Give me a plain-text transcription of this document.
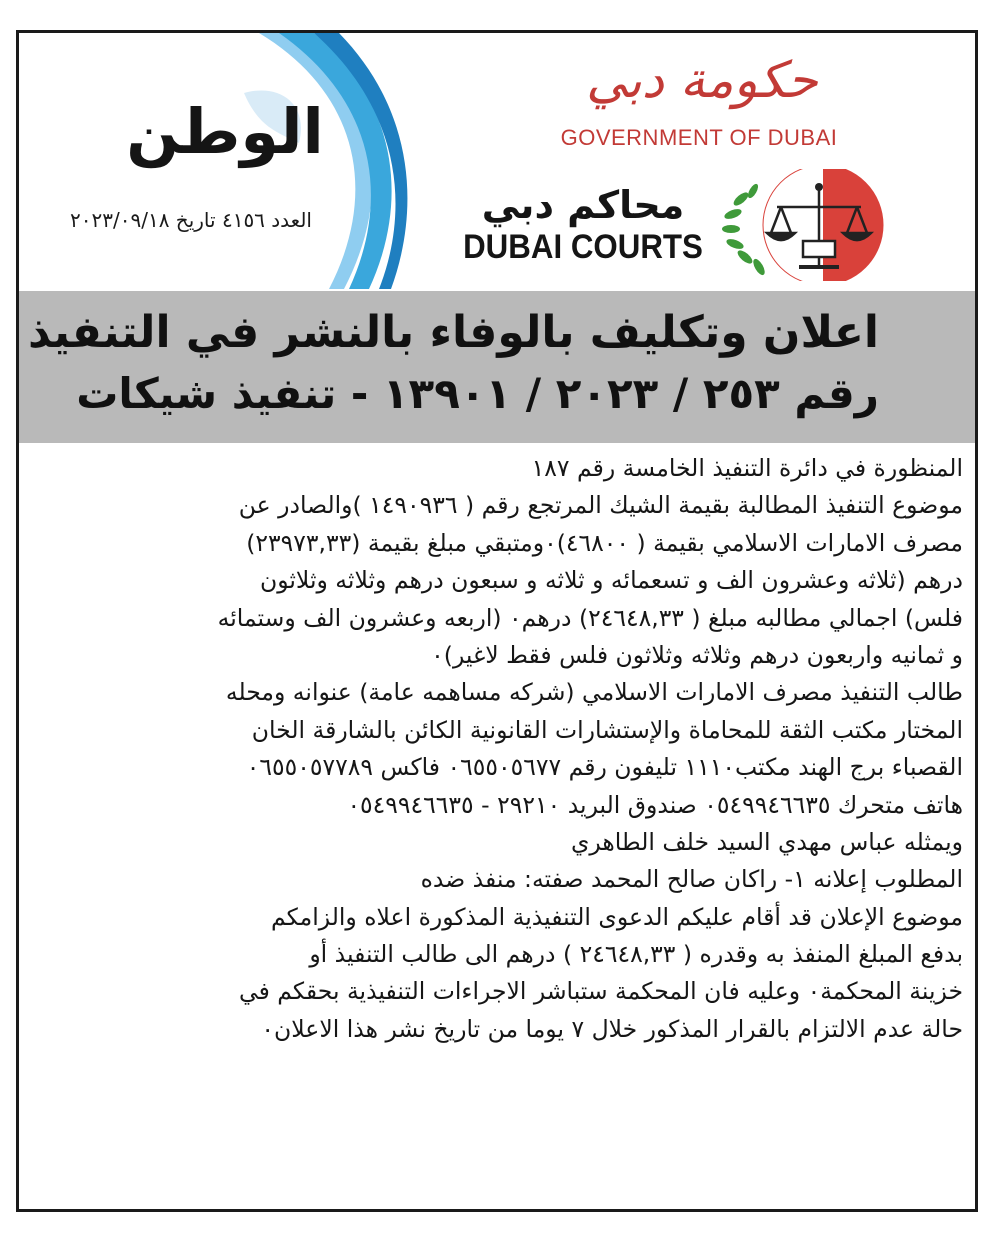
الوطن
العدد ٤١٥٦ تاريخ ٢٠٢٣/٠٩/١٨
حكومة دبي
GOVERNMENT OF DUBAI
محاكم دبي
DUBAI COURTS
اعلان وتكليف بالوفاء بالنشر في التنفيذ
رقم ٢٥٣ / ٢٠٢٣ / ١٣٩٠١ - تنفيذ شيكات
المنظورة في دائرة التنفيذ الخامسة رقم ١٨٧
موضوع التنفيذ المطالبة بقيمة الشيك المرتجع رقم ( ١٤٩٠٩٣٦ )والصادر عن
مصرف الامارات الاسلامي بقيمة ( ٤٦٨٠٠)٠ومتبقي مبلغ بقيمة (٢٣٩٧٣,٣٣)
درهم (ثلاثه وعشرون الف و تسعمائه و ثلاثه و سبعون درهم وثلاثه وثلاثون
فلس) اجمالي مطالبه مبلغ ( ٢٤٦٤٨,٣٣) درهم٠ (اربعه وعشرون الف وستمائه
و ثمانيه واربعون درهم وثلاثه وثلاثون فلس فقط لاغير)٠
طالب التنفيذ مصرف الامارات الاسلامي (شركه مساهمه عامة) عنوانه ومحله
المختار مكتب الثقة للمحاماة والإستشارات القانونية الكائن بالشارقة الخان
القصباء برج الهند مكتب١١١٠ تليفون رقم ٠٦٥٥٠٥٦٧٧ فاكس ٠٦٥٥٠٥٧٧٨٩
هاتف متحرك ٠٥٤٩٩٤٦٦٣٥ صندوق البريد ٢٩٢١٠ - ٠٥٤٩٩٤٦٦٣٥
ويمثله عباس مهدي السيد خلف الطاهري
المطلوب إعلانه ١- راكان صالح المحمد صفته: منفذ ضده
موضوع الإعلان قد أقام عليكم الدعوى التنفيذية المذكورة اعلاه والزامكم
بدفع المبلغ المنفذ به وقدره ( ٢٤٦٤٨,٣٣ ) درهم الى طالب التنفيذ أو
خزينة المحكمة٠ وعليه فان المحكمة ستباشر الاجراءات التنفيذية بحقكم في
حالة عدم الالتزام بالقرار المذكور خلال ٧ يوما من تاريخ نشر هذا الاعلان٠
